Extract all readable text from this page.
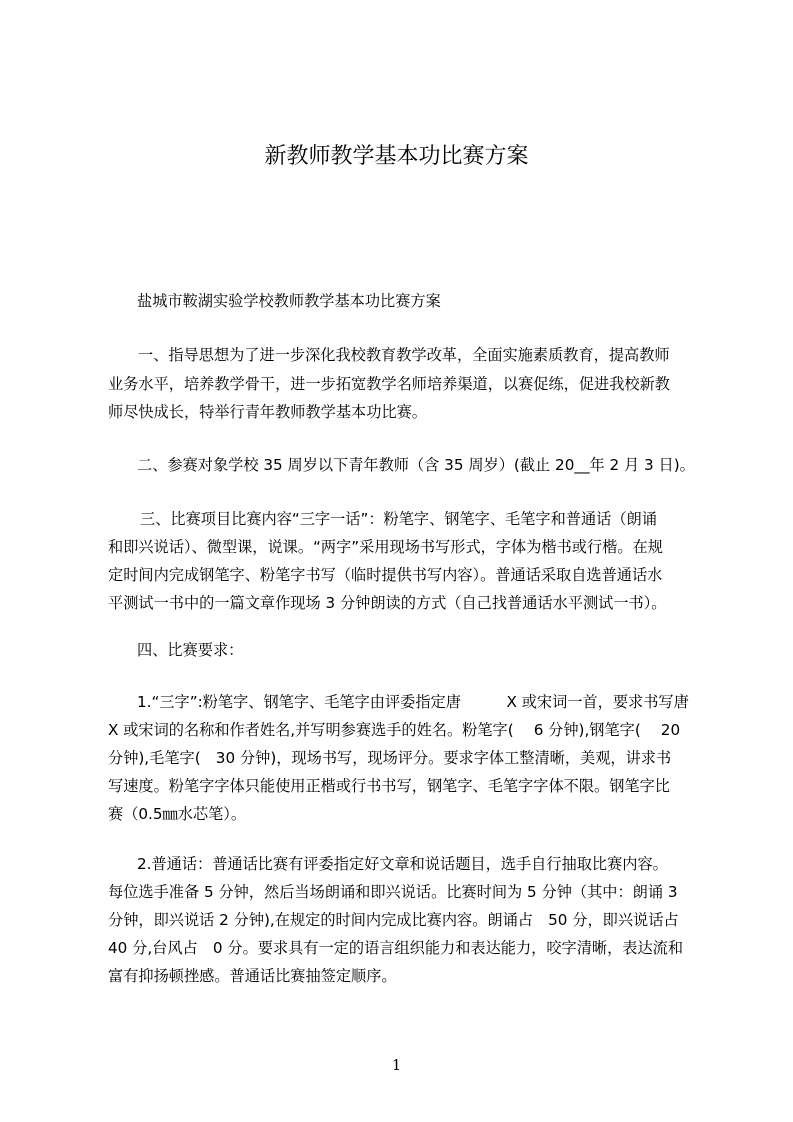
新教师教学基本功比赛方案

盐城市鞍湖实验学校教师教学基本功比赛方案

一、指导思想为了进一步深化我校教育教学改革，全面实施素质教育，提高教师

业务水平，培养教学骨干，进一步拓宽教学名师培养渠道，以赛促练，促进我校新教

师尽快成长，特举行青年教师教学基本功比赛。

二、参赛对象学校 35 周岁以下青年教师（含 35 周岁）(截止 20__年 2 月 3 日)。

三、比赛项目比赛内容“三字一话”：粉笔字、钢笔字、毛笔字和普通话（朗诵

和即兴说话）、微型课，说课。“两字”采用现场书写形式，字体为楷书或行楷。在规

定时间内完成钢笔字、粉笔字书写（临时提供书写内容）。普通话采取自选普通话水

平测试一书中的一篇文章作现场 3 分钟朗读的方式（自己找普通话水平测试一书）。

四、比赛要求：

1.“三字”:粉笔字、钢笔字、毛笔字由评委指定唐　　　X 或宋词一首，要求书写唐

X 或宋词的名称和作者姓名,并写明参赛选手的姓名。粉笔字(　 6 分钟),钢笔字(　 20

分钟),毛笔字(　30 分钟)，现场书写，现场评分。要求字体工整清晰，美观，讲求书

写速度。粉笔字字体只能使用正楷或行书书写，钢笔字、毛笔字字体不限。钢笔字比

赛（0.5㎜水芯笔）。

2.普通话：普通话比赛有评委指定好文章和说话题目，选手自行抽取比赛内容。

每位选手准备 5 分钟，然后当场朗诵和即兴说话。比赛时间为 5 分钟（其中：朗诵 3

分钟，即兴说话 2 分钟),在规定的时间内完成比赛内容。朗诵占　50 分，即兴说话占

40 分,台风占　0 分。要求具有一定的语言组织能力和表达能力，咬字清晰，表达流和

富有抑扬顿挫感。普通话比赛抽签定顺序。

1
